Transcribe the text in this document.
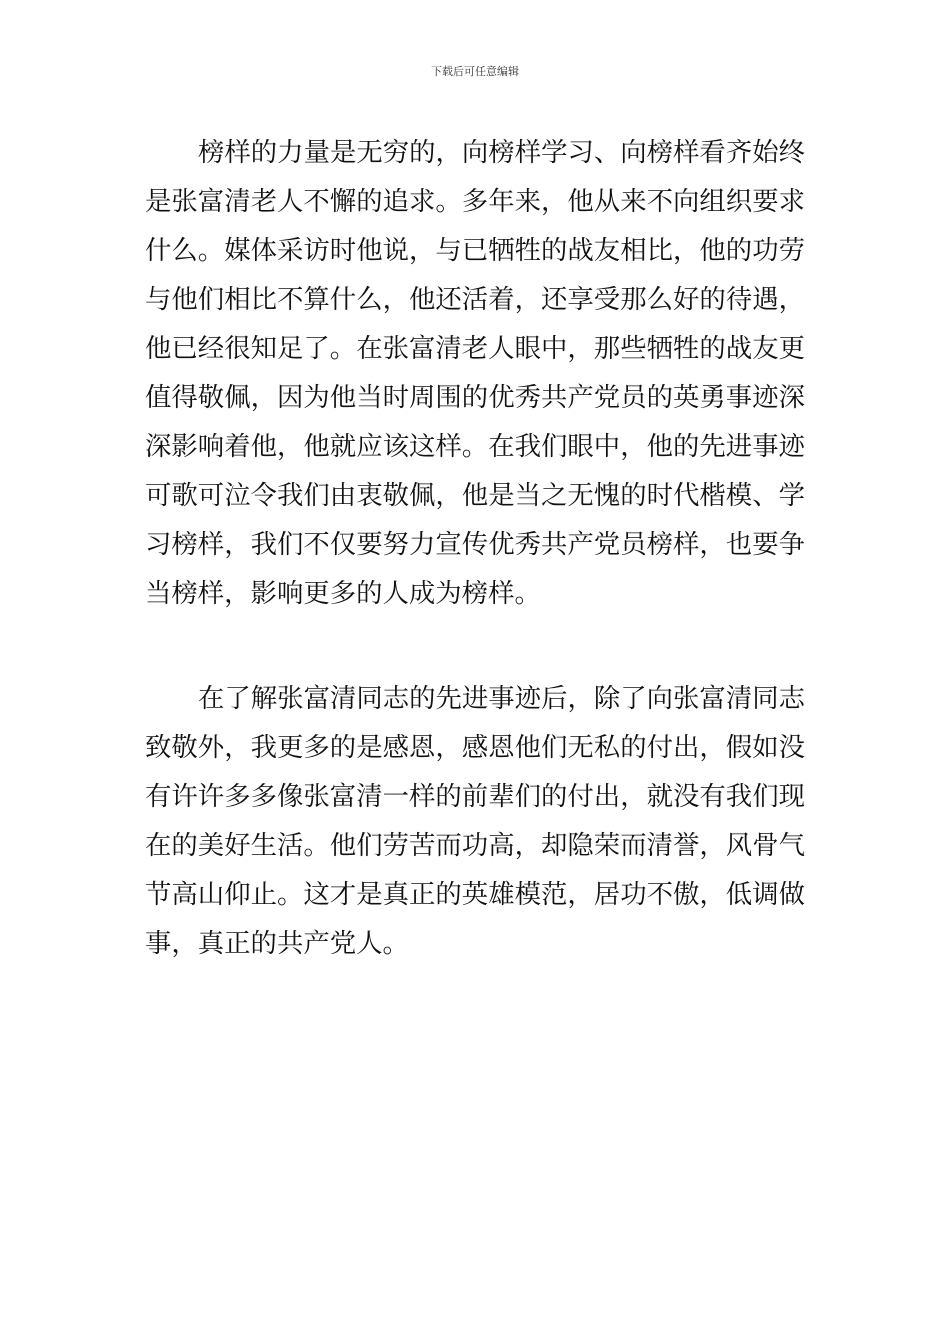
下载后可任意编辑

榜样的力量是无穷的，向榜样学习、向榜样看齐始终是张富清老人不懈的追求。多年来，他从来不向组织要求什么。媒体采访时他说，与已牺牲的战友相比，他的功劳与他们相比不算什么，他还活着，还享受那么好的待遇，他已经很知足了。在张富清老人眼中，那些牺牲的战友更值得敬佩，因为他当时周围的优秀共产党员的英勇事迹深深影响着他，他就应该这样。在我们眼中，他的先进事迹可歌可泣令我们由衷敬佩，他是当之无愧的时代楷模、学习榜样，我们不仅要努力宣传优秀共产党员榜样，也要争当榜样，影响更多的人成为榜样。

在了解张富清同志的先进事迹后，除了向张富清同志致敬外，我更多的是感恩，感恩他们无私的付出，假如没有许许多多像张富清一样的前辈们的付出，就没有我们现在的美好生活。他们劳苦而功高，却隐荣而清誉，风骨气节高山仰止。这才是真正的英雄模范，居功不傲，低调做事，真正的共产党人。
